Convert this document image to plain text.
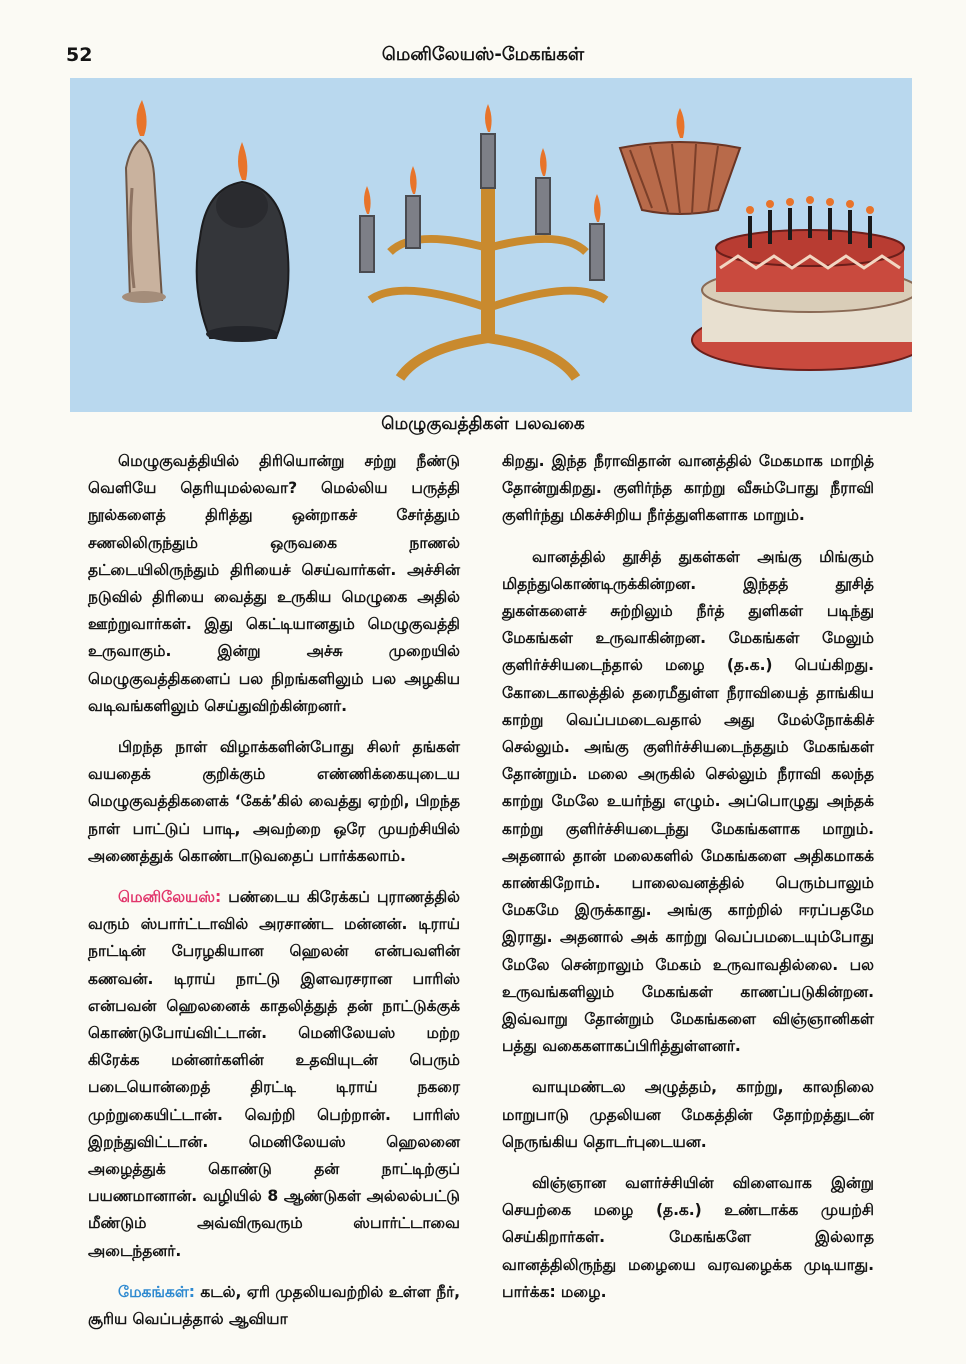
52	மெனிலேயஸ்-மேகங்கள்
மெழுகுவத்திகள் பலவகை

மெழுகுவத்தியில் திரியொன்று சற்று நீண்டு வெளியே தெரியுமல்லவா? மெல்லிய பருத்தி நூல்களைத் திரித்து ஒன்றாகச் சேர்த்தும் சணலிலிருந்தும் ஒருவகை நாணல் தட்டையிலிருந்தும் திரியைச் செய்வார்கள். அச்சின் நடுவில் திரியை வைத்து உருகிய மெழுகை அதில் ஊற்றுவார்கள். இது கெட்டியானதும் மெழுகுவத்தி உருவாகும். இன்று அச்சு முறையில் மெழுகுவத்திகளைப் பல நிறங்களிலும் பல அழகிய வடிவங்களிலும் செய்துவிற்கின்றனர்.

பிறந்த நாள் விழாக்களின்போது சிலர் தங்கள் வயதைக் குறிக்கும் எண்ணிக்கையுடைய மெழுகுவத்திகளைக் ‘கேக்’கில் வைத்து ஏற்றி, பிறந்த நாள் பாட்டுப் பாடி, அவற்றை ஒரே முயற்சியில் அணைத்துக் கொண்டாடுவதைப் பார்க்கலாம்.

மெனிலேயஸ்: பண்டைய கிரேக்கப் புராணத்தில் வரும் ஸ்பார்ட்டாவில் அரசாண்ட மன்னன். டிராய் நாட்டின் பேரழகியான ஹெலன் என்பவளின் கணவன். டிராய் நாட்டு இளவரசரான பாரிஸ் என்பவன் ஹெலனைக் காதலித்துத் தன் நாட்டுக்குக் கொண்டுபோய்விட்டான். மெனிலேயஸ் மற்ற கிரேக்க மன்னர்களின் உதவியுடன் பெரும் படையொன்றைத் திரட்டி டிராய் நகரை முற்றுகையிட்டான். வெற்றி பெற்றான். பாரிஸ் இறந்துவிட்டான். மெனிலேயஸ் ஹெலனை அழைத்துக் கொண்டு தன் நாட்டிற்குப் பயணமானான். வழியில் 8 ஆண்டுகள் அல்லல்பட்டு மீண்டும் அவ்விருவரும் ஸ்பார்ட்டாவை அடைந்தனர்.

மேகங்கள்: கடல், ஏரி முதலியவற்றில் உள்ள நீர், சூரிய வெப்பத்தால் ஆவியா

கிறது. இந்த நீராவிதான் வானத்தில் மேகமாக மாறித் தோன்றுகிறது. குளிர்ந்த காற்று வீசும்போது நீராவி குளிர்ந்து மிகச்சிறிய நீர்த்துளிகளாக மாறும்.

வானத்தில் தூசித் துகள்கள் அங்கு மிங்கும் மிதந்துகொண்டிருக்கின்றன. இந்தத் தூசித் துகள்களைச் சுற்றிலும் நீர்த் துளிகள் படிந்து மேகங்கள் உருவாகின்றன. மேகங்கள் மேலும் குளிர்ச்சியடைந்தால் மழை (த.க.) பெய்கிறது. கோடைகாலத்தில் தரைமீதுள்ள நீராவியைத் தாங்கிய காற்று வெப்பமடைவதால் அது மேல்நோக்கிச் செல்லும். அங்கு குளிர்ச்சியடைந்ததும் மேகங்கள் தோன்றும். மலை அருகில் செல்லும் நீராவி கலந்த காற்று மேலே உயர்ந்து எழும். அப்பொழுது அந்தக் காற்று குளிர்ச்சியடைந்து மேகங்களாக மாறும். அதனால் தான் மலைகளில் மேகங்களை அதிகமாகக் காண்கிறோம். பாலைவனத்தில் பெரும்பாலும் மேகமே இருக்காது. அங்கு காற்றில் ஈரப்பதமே இராது. அதனால் அக் காற்று வெப்பமடையும்போது மேலே சென்றாலும் மேகம் உருவாவதில்லை. பல உருவங்களிலும் மேகங்கள் காணப்படுகின்றன. இவ்வாறு தோன்றும் மேகங்களை விஞ்ஞானிகள் பத்து வகைகளாகப்பிரித்துள்ளனர்.

வாயுமண்டல அழுத்தம், காற்று, காலநிலை மாறுபாடு முதலியன மேகத்தின் தோற்றத்துடன் நெருங்கிய தொடர்புடையன.

விஞ்ஞான வளர்ச்சியின் விளைவாக இன்று செயற்கை மழை (த.க.) உண்டாக்க முயற்சி செய்கிறார்கள். மேகங்களே இல்லாத வானத்திலிருந்து மழையை வரவழைக்க முடியாது. பார்க்க: மழை.
